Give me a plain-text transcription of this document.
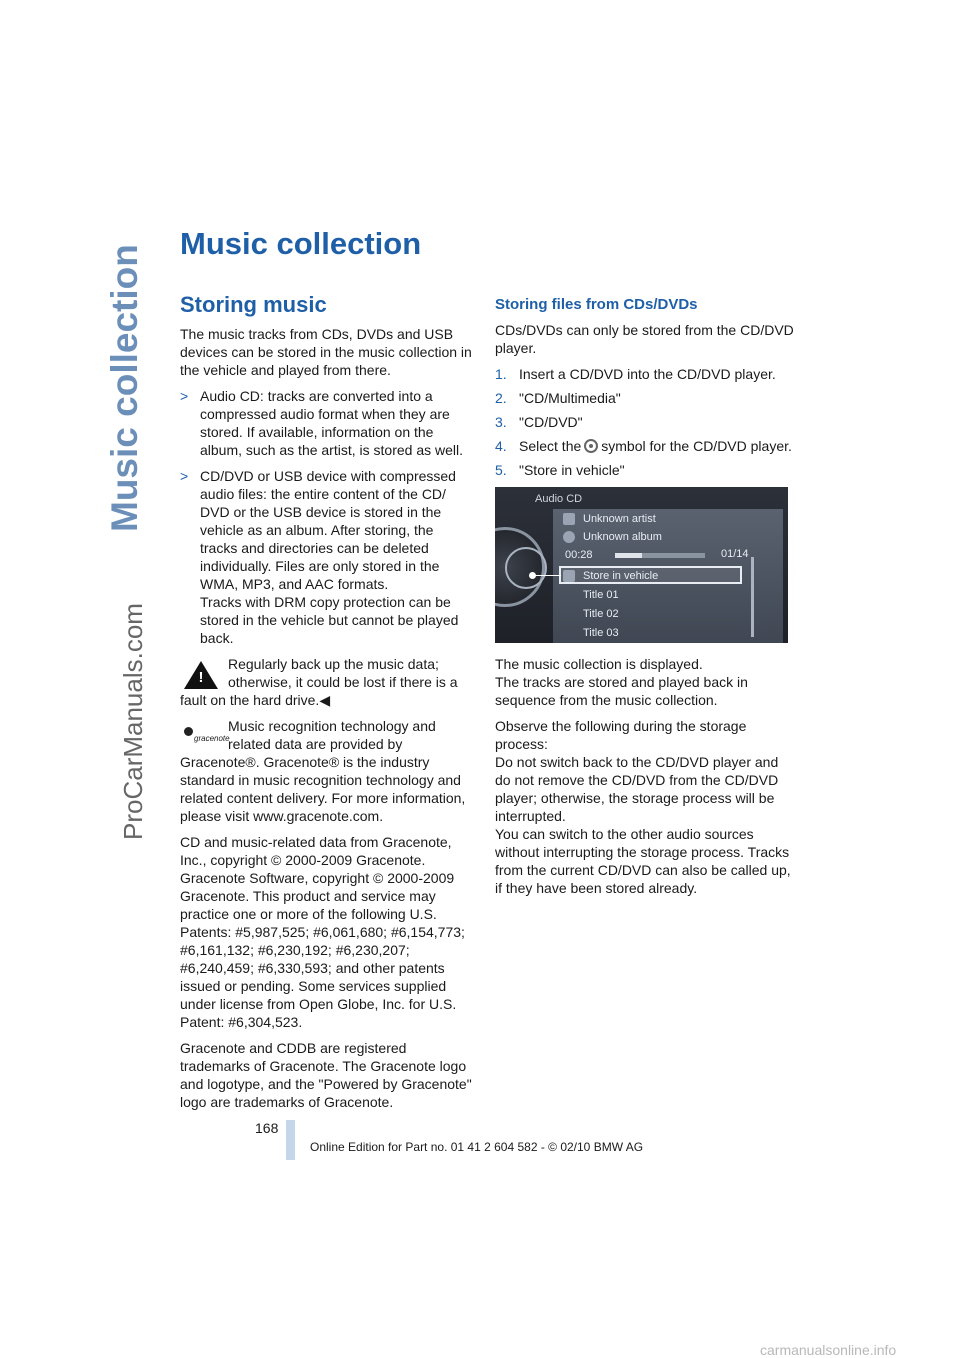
Music collection
ProCarManuals.com
Music collection
Storing music	Storing files from CDs/DVDs

The music tracks from CDs, DVDs and USB devices can be stored in the music collection in the vehicle and played from there.

> Audio CD: tracks are converted into a compressed audio format when they are stored. If available, information on the album, such as the artist, is stored as well.
> CD/DVD or USB device with compressed audio files: the entire content of the CD/ DVD or the USB device is stored in the vehicle as an album. After storing, the tracks and directories can be deleted individually. Files are only stored in the WMA, MP3, and AAC formats.
Tracks with DRM copy protection can be stored in the vehicle but cannot be played back.
!
Regularly back up the music data; otherwise, it could be lost if there is a fault on the hard drive.◀
gracenote
Music recognition technology and related data are provided by Gracenote®. Gracenote® is the industry standard in music recognition technology and related content delivery. For more information, please visit www.gracenote.com.

CD and music-related data from Gracenote, Inc., copyright © 2000-2009 Gracenote. Gracenote Software, copyright © 2000-2009 Gracenote. This product and service may practice one or more of the following U.S. Patents: #5,987,525; #6,061,680; #6,154,773; #6,161,132; #6,230,192; #6,230,207; #6,240,459; #6,330,593; and other patents issued or pending. Some services supplied under license from Open Globe, Inc. for U.S. Patent: #6,304,523.

Gracenote and CDDB are registered trademarks of Gracenote. The Gracenote logo and logotype, and the "Powered by Gracenote" logo are trademarks of Gracenote.

CDs/DVDs can only be stored from the CD/DVD player.

1. Insert a CD/DVD into the CD/DVD player.
2. "CD/Multimedia"
3. "CD/DVD"
4. Select the symbol for the CD/DVD player.
5. "Store in vehicle"
Audio CD
Unknown artist
Unknown album
00:28	01/14
Store in vehicle
Title 01
Title 02
Title 03

The music collection is displayed.
The tracks are stored and played back in sequence from the music collection.

Observe the following during the storage process:
Do not switch back to the CD/DVD player and do not remove the CD/DVD from the CD/DVD player; otherwise, the storage process will be interrupted.
You can switch to the other audio sources without interrupting the storage process. Tracks from the current CD/DVD can also be called up, if they have been stored already.

168
Online Edition for Part no. 01 41 2 604 582 - © 02/10 BMW AG
carmanualsonline.info
